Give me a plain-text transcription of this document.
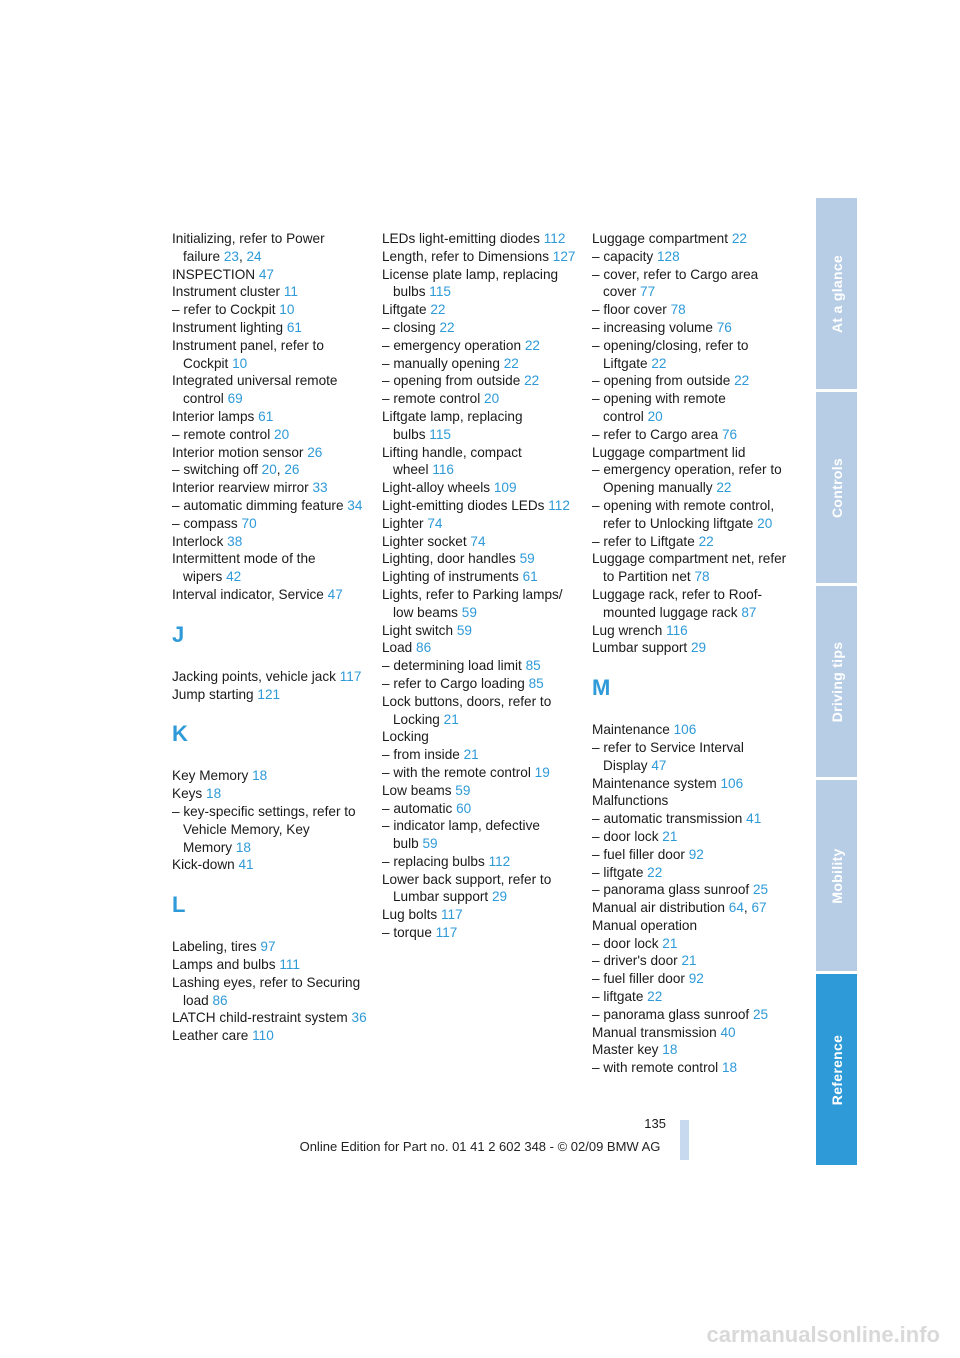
Initializing, refer to Power failure 23, 24
INSPECTION 47
Instrument cluster 11
– refer to Cockpit 10
Instrument lighting 61
Instrument panel, refer to Cockpit 10
Integrated universal remote control 69
Interior lamps 61
– remote control 20
Interior motion sensor 26
– switching off 20, 26
Interior rearview mirror 33
– automatic dimming feature 34
– compass 70
Interlock 38
Intermittent mode of the wipers 42
Interval indicator, Service 47
J
Jacking points, vehicle jack 117
Jump starting 121
K
Key Memory 18
Keys 18
– key-specific settings, refer to Vehicle Memory, Key Memory 18
Kick-down 41
L
Labeling, tires 97
Lamps and bulbs 111
Lashing eyes, refer to Securing load 86
LATCH child-restraint system 36
Leather care 110
LEDs light-emitting diodes 112
Length, refer to Dimensions 127
License plate lamp, replacing bulbs 115
Liftgate 22
– closing 22
– emergency operation 22
– manually opening 22
– opening from outside 22
– remote control 20
Liftgate lamp, replacing bulbs 115
Lifting handle, compact wheel 116
Light-alloy wheels 109
Light-emitting diodes LEDs 112
Lighter 74
Lighter socket 74
Lighting, door handles 59
Lighting of instruments 61
Lights, refer to Parking lamps/ low beams 59
Light switch 59
Load 86
– determining load limit 85
– refer to Cargo loading 85
Lock buttons, doors, refer to Locking 21
Locking
– from inside 21
– with the remote control 19
Low beams 59
– automatic 60
– indicator lamp, defective bulb 59
– replacing bulbs 112
Lower back support, refer to Lumbar support 29
Lug bolts 117
– torque 117
Luggage compartment 22
– capacity 128
– cover, refer to Cargo area cover 77
– floor cover 78
– increasing volume 76
– opening/closing, refer to Liftgate 22
– opening from outside 22
– opening with remote control 20
– refer to Cargo area 76
Luggage compartment lid
– emergency operation, refer to Opening manually 22
– opening with remote control, refer to Unlocking liftgate 20
– refer to Liftgate 22
Luggage compartment net, refer to Partition net 78
Luggage rack, refer to Roof-mounted luggage rack 87
Lug wrench 116
Lumbar support 29
M
Maintenance 106
– refer to Service Interval Display 47
Maintenance system 106
Malfunctions
– automatic transmission 41
– door lock 21
– fuel filler door 92
– liftgate 22
– panorama glass sunroof 25
Manual air distribution 64, 67
Manual operation
– door lock 21
– driver's door 21
– fuel filler door 92
– liftgate 22
– panorama glass sunroof 25
Manual transmission 40
Master key 18
– with remote control 18
At a glance
Controls
Driving tips
Mobility
Reference
135
Online Edition for Part no. 01 41 2 602 348 - © 02/09 BMW AG
carmanualsonline.info
